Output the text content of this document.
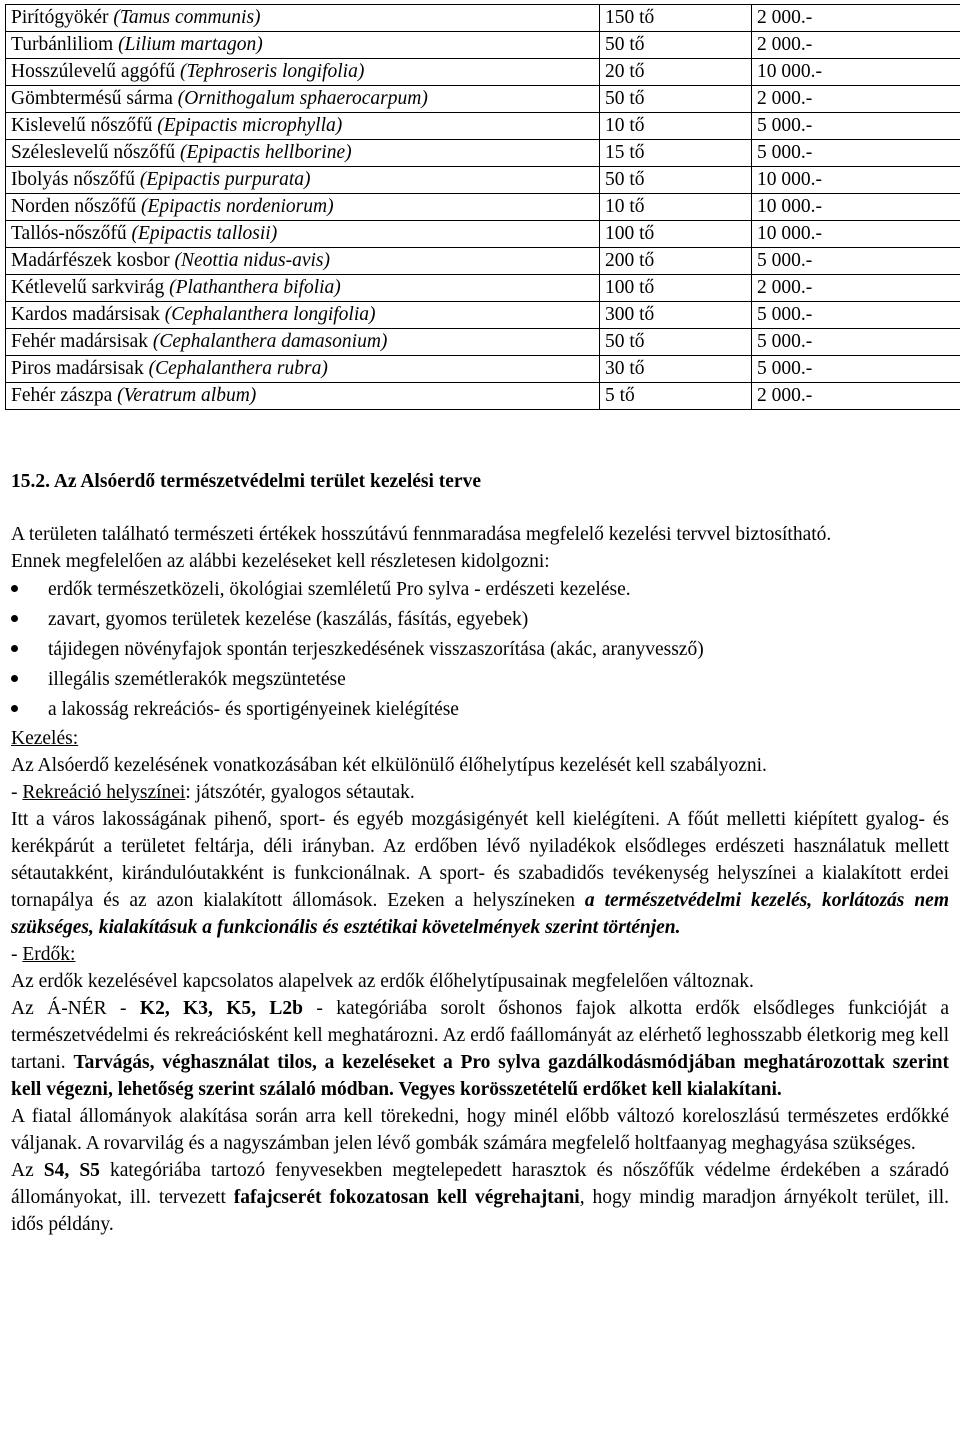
Pirítógyökér (Tamus communis)	150 tő	2 000.-
Turbánliliom (Lilium martagon)	50 tő	2 000.-
Hosszúlevelű aggófű (Tephroseris longifolia)	20 tő	10 000.-
Gömbtermésű sárma (Ornithogalum sphaerocarpum)	50 tő	2 000.-
Kislevelű nőszőfű (Epipactis microphylla)	10 tő	5 000.-
Széleslevelű nőszőfű (Epipactis hellborine)	15 tő	5 000.-
Ibolyás nőszőfű (Epipactis purpurata)	50 tő	10 000.-
Norden nőszőfű (Epipactis nordeniorum)	10 tő	10 000.-
Tallós-nőszőfű (Epipactis tallosii)	100 tő	10 000.-
Madárfészek kosbor (Neottia nidus-avis)	200 tő	5 000.-
Kétlevelű sarkvirág (Plathanthera bifolia)	100 tő	2 000.-
Kardos madársisak (Cephalanthera longifolia)	300 tő	5 000.-
Fehér madársisak (Cephalanthera damasonium)	50 tő	5 000.-
Piros madársisak (Cephalanthera rubra)	30 tő	5 000.-
Fehér zászpa (Veratrum album)	5 tő	2 000.-
15.2. Az Alsóerdő természetvédelmi terület kezelési terve

A területen található természeti értékek hosszútávú fennmaradása megfelelő kezelési tervvel biztosítható.

Ennek megfelelően az alábbi kezeléseket kell részletesen kidolgozni:

erdők természetközeli, ökológiai szemléletű Pro sylva - erdészeti kezelése.
zavart, gyomos területek kezelése (kaszálás, fásítás, egyebek)
tájidegen növényfajok spontán terjeszkedésének visszaszorítása (akác, aranyvessző)
illegális szemétlerakók megszüntetése
a lakosság rekreációs- és sportigényeinek kielégítése

Kezelés:

Az Alsóerdő kezelésének vonatkozásában két elkülönülő élőhelytípus kezelését kell szabályozni.

- Rekreáció helyszínei: játszótér, gyalogos sétautak.

Itt a város lakosságának pihenő, sport- és egyéb mozgásigényét kell kielégíteni. A főút melletti kiépített gyalog- és kerékpárút a területet feltárja, déli irányban. Az erdőben lévő nyiladékok elsődleges erdészeti használatuk mellett sétautakként, kirándulóutakként is funkcionálnak. A sport- és szabadidős tevékenység helyszínei a kialakított erdei tornapálya és az azon kialakított állomások. Ezeken a helyszíneken a természetvédelmi kezelés, korlátozás nem szükséges, kialakításuk a funkcionális és esztétikai követelmények szerint történjen.

- Erdők:

Az erdők kezelésével kapcsolatos alapelvek az erdők élőhelytípusainak megfelelően változnak.

Az Á-NÉR - K2, K3, K5, L2b - kategóriába sorolt őshonos fajok alkotta erdők elsődleges funkcióját a természetvédelmi és rekreációsként kell meghatározni. Az erdő faállományát az elérhető leghosszabb életkorig meg kell tartani. Tarvágás, véghasználat tilos, a kezeléseket a Pro sylva gazdálkodásmódjában meghatározottak szerint kell végezni, lehetőség szerint szálaló módban. Vegyes korösszetételű erdőket kell kialakítani.

A fiatal állományok alakítása során arra kell törekedni, hogy minél előbb változó koreloszlású természetes erdőkké váljanak. A rovarvilág és a nagyszámban jelen lévő gombák számára megfelelő holtfaanyag meghagyása szükséges.

Az S4, S5 kategóriába tartozó fenyvesekben megtelepedett harasztok és nőszőfűk védelme érdekében a száradó állományokat, ill. tervezett fafajcserét fokozatosan kell végrehajtani, hogy mindig maradjon árnyékolt terület, ill. idős példány.
